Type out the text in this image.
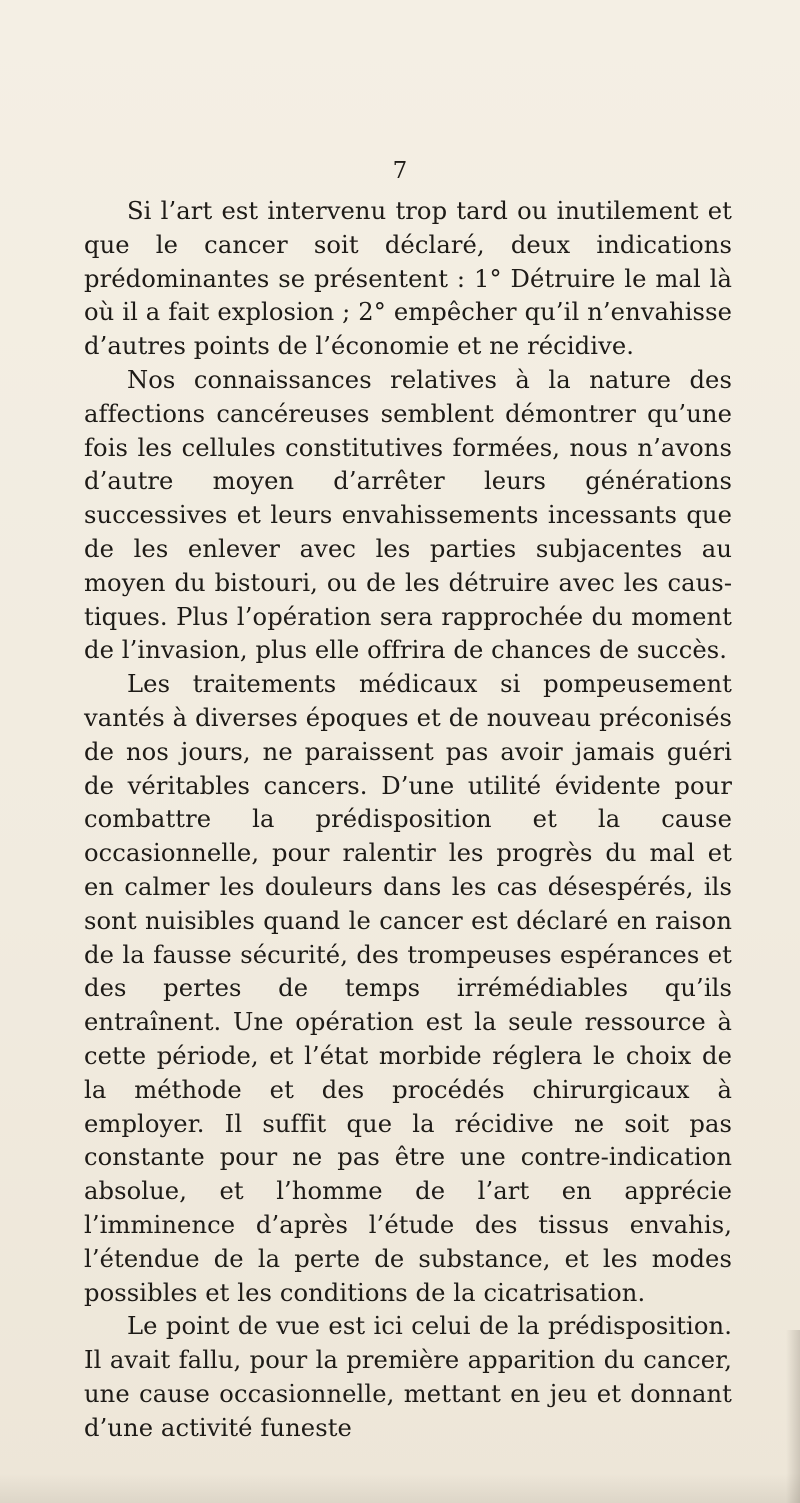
7

Si l’art est intervenu trop tard ou inutilement et que le cancer soit déclaré, deux indications prédominantes se présentent : 1° Détruire le mal là où il a fait explosion ; 2° empêcher qu’il n’envahisse d’autres points de l’économie et ne récidive.

Nos connaissances relatives à la nature des affections cancéreuses semblent démontrer qu’une fois les cellules constitutives formées, nous n’avons d’autre moyen d’arrêter leurs générations successives et leurs envahissements incessants que de les enlever avec les parties subjacentes au moyen du bistouri, ou de les détruire avec les caustiques. Plus l’opération sera rapprochée du moment de l’invasion, plus elle offrira de chances de succès.

Les traitements médicaux si pompeusement vantés à diverses époques et de nouveau préconisés de nos jours, ne paraissent pas avoir jamais guéri de véritables cancers. D’une utilité évidente pour combattre la prédisposition et la cause occasionnelle, pour ralentir les progrès du mal et en calmer les douleurs dans les cas désespérés, ils sont nuisibles quand le cancer est déclaré en raison de la fausse sécurité, des trompeuses espérances et des pertes de temps irrémédiables qu’ils entraînent. Une opération est la seule ressource à cette période, et l’état morbide réglera le choix de la méthode et des procédés chirurgicaux à employer. Il suffit que la récidive ne soit pas constante pour ne pas être une contre-indication absolue, et l’homme de l’art en apprécie l’imminence d’après l’étude des tissus envahis, l’étendue de la perte de substance, et les modes possibles et les conditions de la cicatrisation.

Le point de vue est ici celui de la prédisposition. Il avait fallu, pour la première apparition du cancer, une cause occasionnelle, mettant en jeu et donnant d’une activité funeste
